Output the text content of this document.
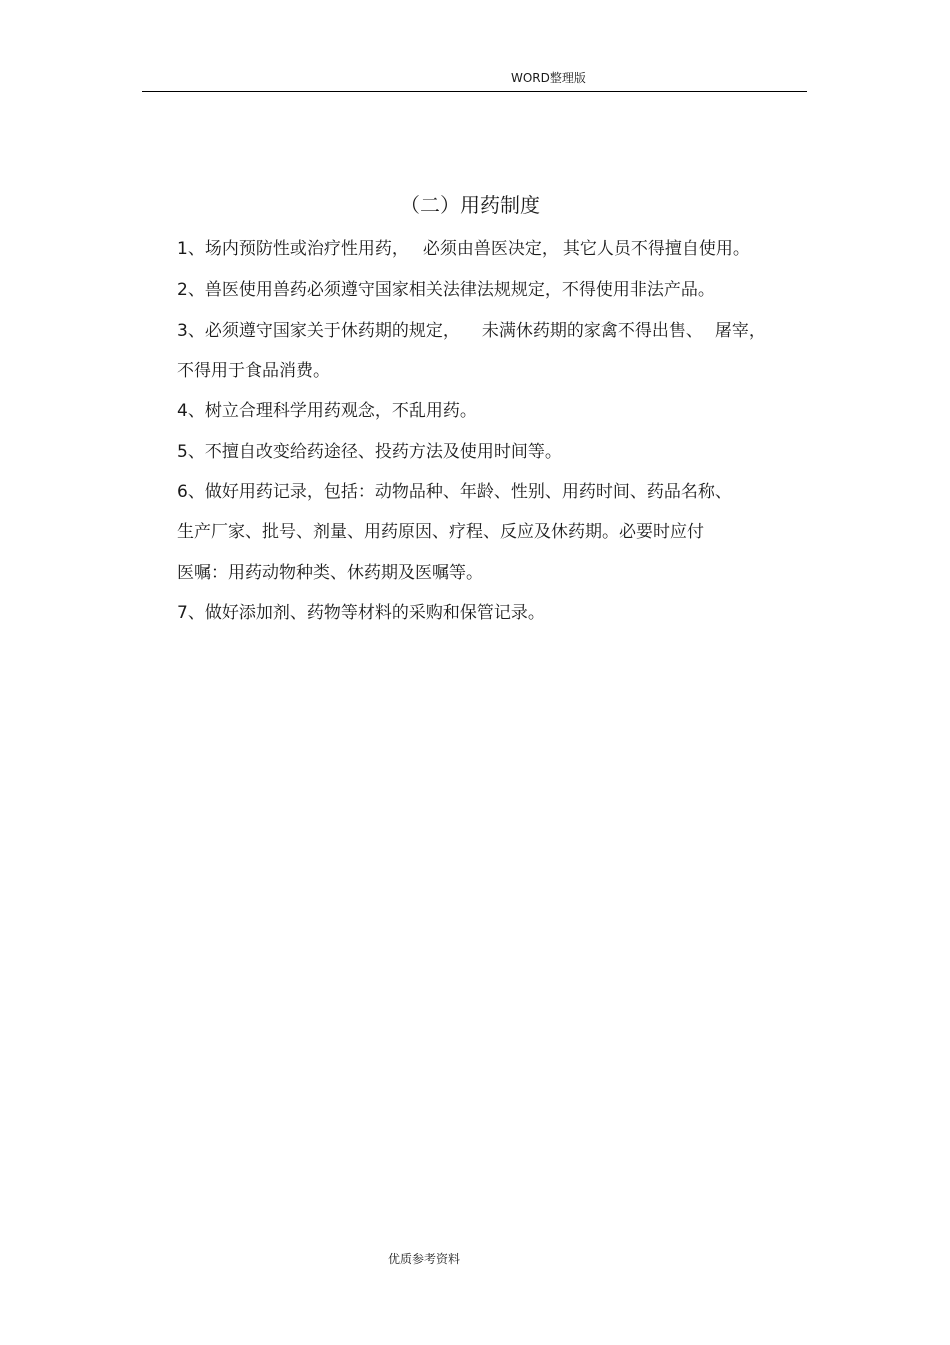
WORD整理版
（二）用药制度
1、场内预防性或治疗性用药， 必须由兽医决定， 其它人员不得擅自使用。
2、兽医使用兽药必须遵守国家相关法律法规规定，不得使用非法产品。
3、必须遵守国家关于休药期的规定， 未满休药期的家禽不得出售、 屠宰，
不得用于食品消费。
4、树立合理科学用药观念，不乱用药。
5、不擅自改变给药途径、投药方法及使用时间等。
6、做好用药记录，包括：动物品种、年龄、性别、用药时间、药品名称、
生产厂家、批号、剂量、用药原因、疗程、反应及休药期。必要时应付
医嘱：用药动物种类、休药期及医嘱等。
7、做好添加剂、药物等材料的采购和保管记录。
优质参考资料
